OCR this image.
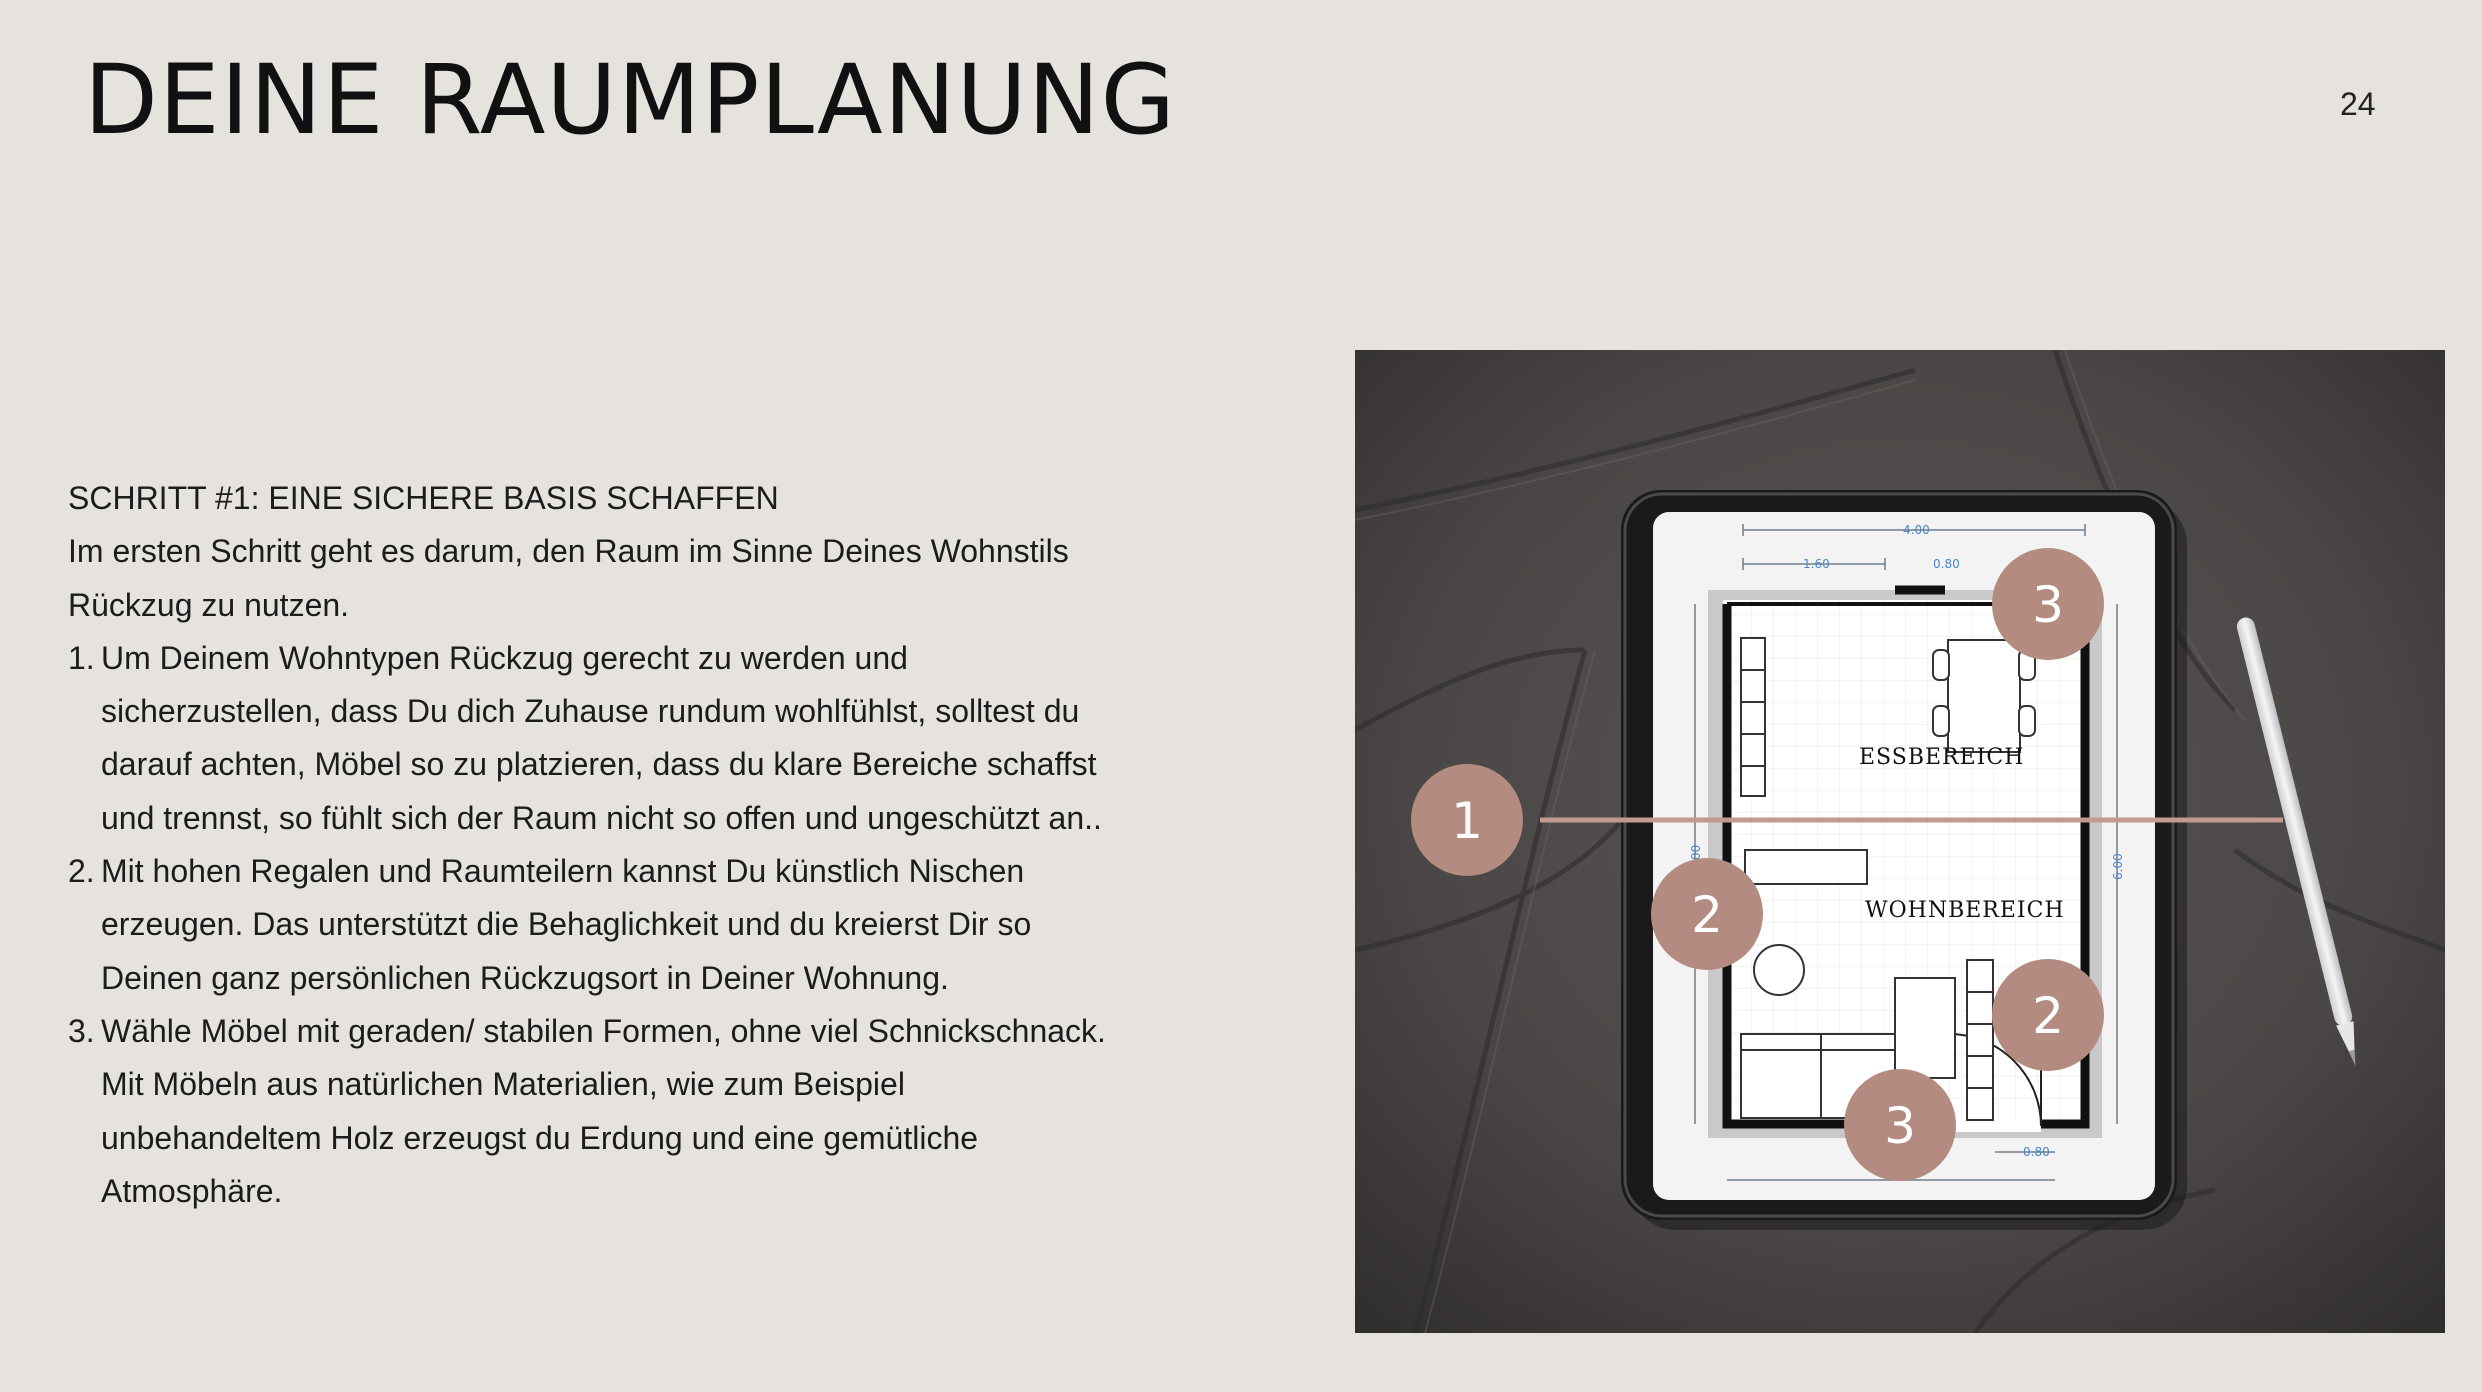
DEINE RAUMPLANUNG	24

SCHRITT #1: EINE SICHERE BASIS SCHAFFEN

Im ersten Schritt geht es darum, den Raum im Sinne Deines Wohnstils Rückzug zu nutzen.

1. Um Deinem Wohntypen Rückzug gerecht zu werden und sicherzustellen, dass Du dich Zuhause rundum wohlfühlst, solltest du darauf achten, Möbel so zu platzieren, dass du klare Bereiche schaffst und trennst, so fühlt sich der Raum nicht so offen und ungeschützt an..
2. Mit hohen Regalen und Raumteilern kannst Du künstlich Nischen erzeugen. Das unterstützt die Behaglichkeit und du kreierst Dir so Deinen ganz persönlichen Rückzugsort in Deiner Wohnung.
3. Wähle Möbel mit geraden/ stabilen Formen, ohne viel Schnickschnack. Mit Möbeln aus natürlichen Materialien, wie zum Beispiel unbehandeltem Holz erzeugst du Erdung und eine gemütliche Atmosphäre.
4.00
1.60	0.80
0.80
6.00
00
ESSBEREICH
WOHNBEREICH
1
2
2
3
3
